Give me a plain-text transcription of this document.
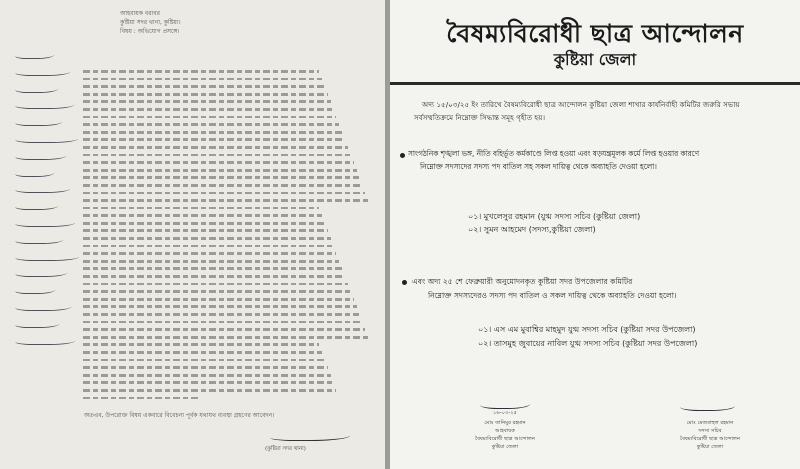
আহবায়ক বরাবর
কুষ্টিয়া সদর থানা, কুষ্টিয়া।
বিষয় : অভিযোগ প্রসঙ্গে।
অতএব, উপরোক্ত বিষয় একবারে বিবেচনা পূর্বক যথাযথ ব্যবস্থা গ্রহণের আবেদন।
(কুষ্টিয়া সদর থানা)
বৈষম্যবিরোধী ছাত্র আন্দোলন
কুষ্টিয়া জেলা
অদ্য ১৫/০৩/২৫ ইং তারিখে বৈষম্যবিরোধী ছাত্র আন্দোলন কুষ্টিয়া জেলা শাখার কার্যনির্বাহী কমিটির জরুরি সভায়
সর্বসম্মতিক্রমে নিম্নোক্ত সিদ্ধান্ত সমূহ গৃহীত হয়।
সাংগঠনিক শৃঙ্খলা ভঙ্গ, নীতি বহির্ভূত কর্মকাণ্ডে লিপ্ত হওয়া এবং ষড়যন্ত্রমূলক কর্মে লিপ্ত হওয়ার কারণে
নিম্নোক্ত সদস্যদের সদস্য পদ বাতিল সহ সকল দায়িত্ব থেকে অব্যাহতি দেওয়া হলো।
০১। মুখলেসুর রহমান (যুগ্ম সদস্য সচিব (কুষ্টিয়া জেলা)
০২। সুমন আহমেদ (সদস্য,কুষ্টিয়া জেলা)
এবং অদ্য ২৫ শে ফেব্রুয়ারী অনুমোদনকৃত কুষ্টিয়া সদর উপজেলার কমিটির
নিম্নোক্ত সদস্যদেরও সদস্য পদ বাতিল ও সকল দায়িত্ব থেকে অব্যাহতি দেওয়া হলো।
০১। এস এম মুবাশ্বির মাহমুদ যুগ্ম সদস্য সচিব (কুষ্টিয়া সদর উপজেলা)
০২। তাসমুহ জুবায়ের নাবিল যুগ্ম সদস্য সচিব (কুষ্টিয়া সদর উপজেলা)
১৬-০৩-২৫
মোঃ তানিমুর রহমান
আহবায়ক
বৈষম্যবিরোধী ছাত্র আন্দোলন
কুষ্টিয়া জেলা
মোঃ মেজবাহুল রহমান
সদস্য সচিব
বৈষম্যবিরোধী ছাত্র আন্দোলন
কুষ্টিয়া জেলা
